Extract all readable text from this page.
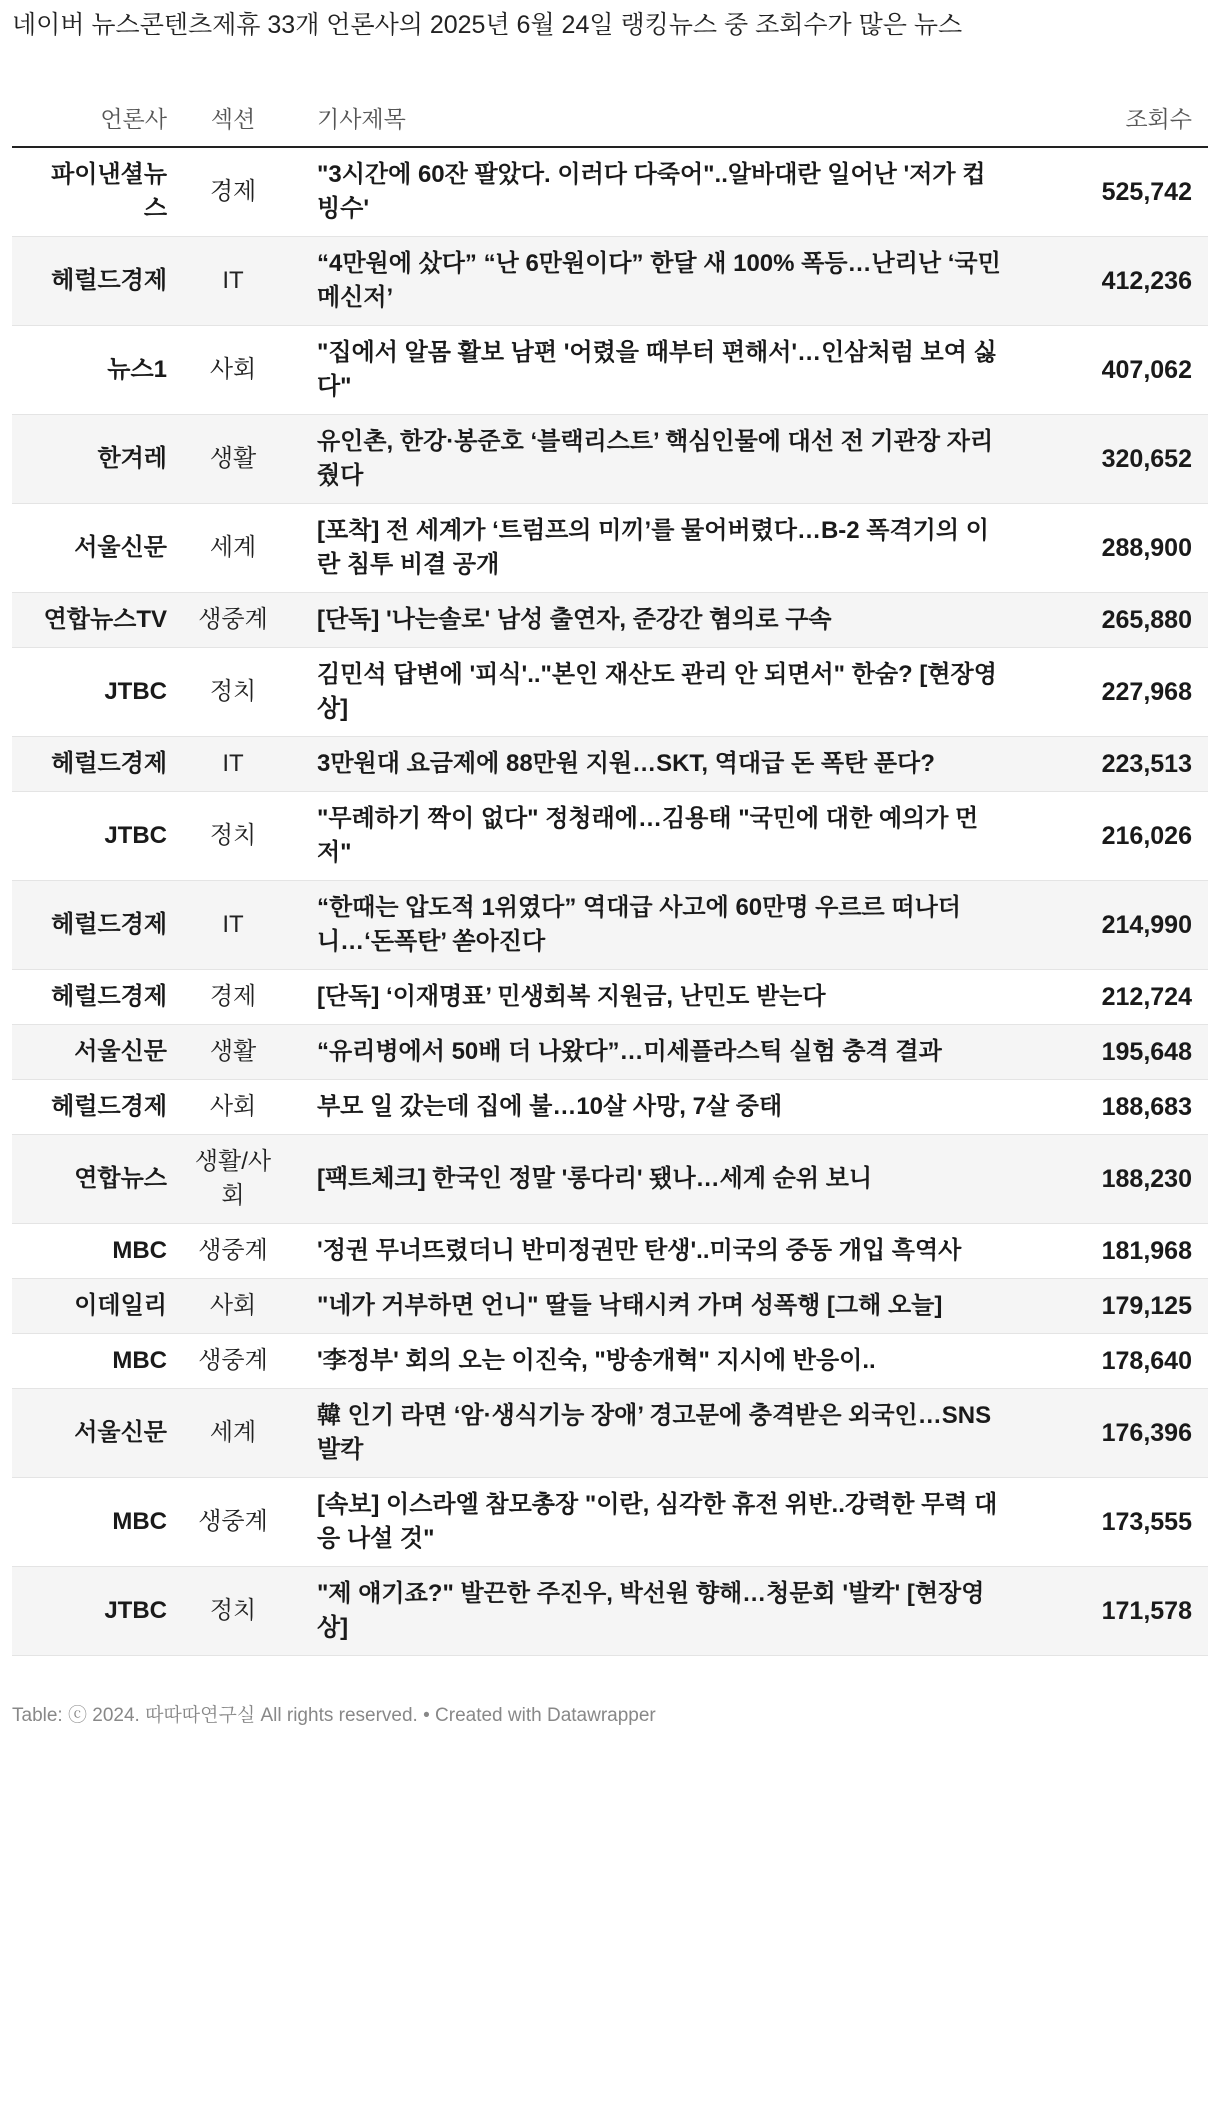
네이버 뉴스콘텐츠제휴 33개 언론사의 2025년 6월 24일 랭킹뉴스 중 조회수가 많은 뉴스
언론사	섹션	기사제목	조회수
파이낸셜뉴스	경제	"3시간에 60잔 팔았다. 이러다 다죽어"..알바대란 일어난 '저가 컵빙수'	525,742
헤럴드경제	IT	“4만원에 샀다” “난 6만원이다” 한달 새 100% 폭등…난리난 ‘국민 메신저’	412,236
뉴스1	사회	"집에서 알몸 활보 남편 '어렸을 때부터 편해서'…인삼처럼 보여 싫다"	407,062
한겨레	생활	유인촌, 한강·봉준호 ‘블랙리스트’ 핵심인물에 대선 전 기관장 자리 줬다	320,652
서울신문	세계	[포착] 전 세계가 ‘트럼프의 미끼’를 물어버렸다…B-2 폭격기의 이란 침투 비결 공개	288,900
연합뉴스TV	생중계	[단독] '나는솔로' 남성 출연자, 준강간 혐의로 구속	265,880
JTBC	정치	김민석 답변에 '피식'.."본인 재산도 관리 안 되면서" 한숨? [현장영상]	227,968
헤럴드경제	IT	3만원대 요금제에 88만원 지원…SKT, 역대급 돈 폭탄 푼다?	223,513
JTBC	정치	"무례하기 짝이 없다" 정청래에…김용태 "국민에 대한 예의가 먼저"	216,026
헤럴드경제	IT	“한때는 압도적 1위였다” 역대급 사고에 60만명 우르르 떠나더니…‘돈폭탄’ 쏟아진다	214,990
헤럴드경제	경제	[단독] ‘이재명표’ 민생회복 지원금, 난민도 받는다	212,724
서울신문	생활	“유리병에서 50배 더 나왔다”…미세플라스틱 실험 충격 결과	195,648
헤럴드경제	사회	부모 일 갔는데 집에 불…10살 사망, 7살 중태	188,683
연합뉴스	생활/사회	[팩트체크] 한국인 정말 '롱다리' 됐나…세계 순위 보니	188,230
MBC	생중계	'정권 무너뜨렸더니 반미정권만 탄생'..미국의 중동 개입 흑역사	181,968
이데일리	사회	"네가 거부하면 언니" 딸들 낙태시켜 가며 성폭행 [그해 오늘]	179,125
MBC	생중계	'李정부' 회의 오는 이진숙, "방송개혁" 지시에 반응이..	178,640
서울신문	세계	韓 인기 라면 ‘암·생식기능 장애’ 경고문에 충격받은 외국인…SNS 발칵	176,396
MBC	생중계	[속보] 이스라엘 참모총장 "이란, 심각한 휴전 위반..강력한 무력 대응 나설 것"	173,555
JTBC	정치	"제 얘기죠?" 발끈한 주진우, 박선원 향해…청문회 '발칵' [현장영상]	171,578
Table: ⓒ 2024. 따따따연구실 All rights reserved. • Created with Datawrapper
